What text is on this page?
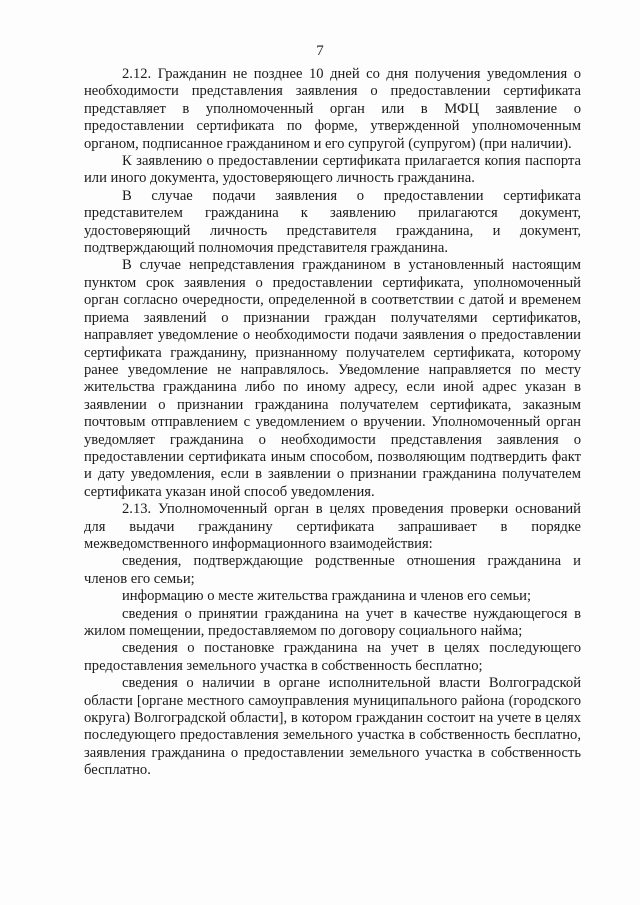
7

2.12. Гражданин не позднее 10 дней со дня получения уведомления о необходимости представления заявления о предоставлении сертификата представляет в уполномоченный орган или в МФЦ заявление о предоставлении сертификата по форме, утвержденной уполномоченным органом, подписанное гражданином и его супругой (супругом) (при наличии).

К заявлению о предоставлении сертификата прилагается копия паспорта или иного документа, удостоверяющего личность гражданина.

В случае подачи заявления о предоставлении сертификата представителем гражданина к заявлению прилагаются документ, удостоверяющий личность представителя гражданина, и документ, подтверждающий полномочия представителя гражданина.

В случае непредставления гражданином в установленный настоящим пунктом срок заявления о предоставлении сертификата, уполномоченный орган согласно очередности, определенной в соответствии с датой и временем приема заявлений о признании граждан получателями сертификатов, направляет уведомление о необходимости подачи заявления о предоставлении сертификата гражданину, признанному получателем сертификата, которому ранее уведомление не направлялось. Уведомление направляется по месту жительства гражданина либо по иному адресу, если иной адрес указан в заявлении о признании гражданина получателем сертификата, заказным почтовым отправлением с уведомлением о вручении. Уполномоченный орган уведомляет гражданина о необходимости представления заявления о предоставлении сертификата иным способом, позволяющим подтвердить факт и дату уведомления, если в заявлении о признании гражданина получателем сертификата указан иной способ уведомления.

2.13. Уполномоченный орган в целях проведения проверки оснований для выдачи гражданину сертификата запрашивает в порядке межведомственного информационного взаимодействия:

сведения, подтверждающие родственные отношения гражданина и членов его семьи;

информацию о месте жительства гражданина и членов его семьи;

сведения о принятии гражданина на учет в качестве нуждающегося в жилом помещении, предоставляемом по договору социального найма;

сведения о постановке гражданина на учет в целях последующего предоставления земельного участка в собственность бесплатно;

сведения о наличии в органе исполнительной власти Волгоградской области [органе местного самоуправления муниципального района (городского округа) Волгоградской области], в котором гражданин состоит на учете в целях последующего предоставления земельного участка в собственность бесплатно, заявления гражданина о предоставлении земельного участка в собственность бесплатно.
